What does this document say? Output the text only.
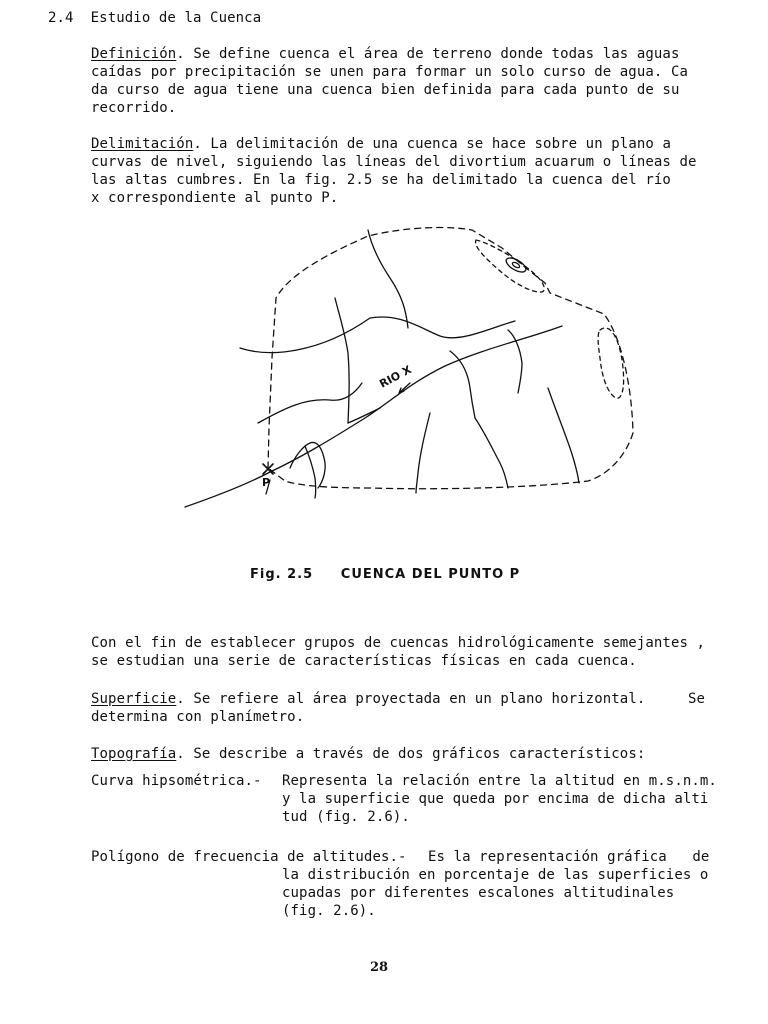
2.4 Estudio de la Cuenca
Definición. Se define cuenca el área de terreno donde todas las aguas
caídas por precipitación se unen para formar un solo curso de agua. Ca
da curso de agua tiene una cuenca bien definida para cada punto de su
recorrido.
Delimitación. La delimitación de una cuenca se hace sobre un plano a
curvas de nivel, siguiendo las líneas del divortium acuarum o líneas de
las altas cumbres. En la fig. 2.5 se ha delimitado la cuenca del río
x correspondiente al punto P.
RIO X
P
Fig. 2.5 CUENCA DEL PUNTO P
Con el fin de establecer grupos de cuencas hidrológicamente semejantes ,
se estudian una serie de características físicas en cada cuenca.
Superficie. Se refiere al área proyectada en un plano horizontal.     Se
determina con planímetro.
Topografía. Se describe a través de dos gráficos característicos:
Curva hipsométrica.- Representa la relación entre la altitud en m.s.n.m.
y la superficie que queda por encima de dicha alti
tud (fig. 2.6).
Polígono de frecuencia de altitudes.- Es la representación gráfica   de
la distribución en porcentaje de las superficies o
cupadas por diferentes escalones altitudinales
(fig. 2.6).
28
